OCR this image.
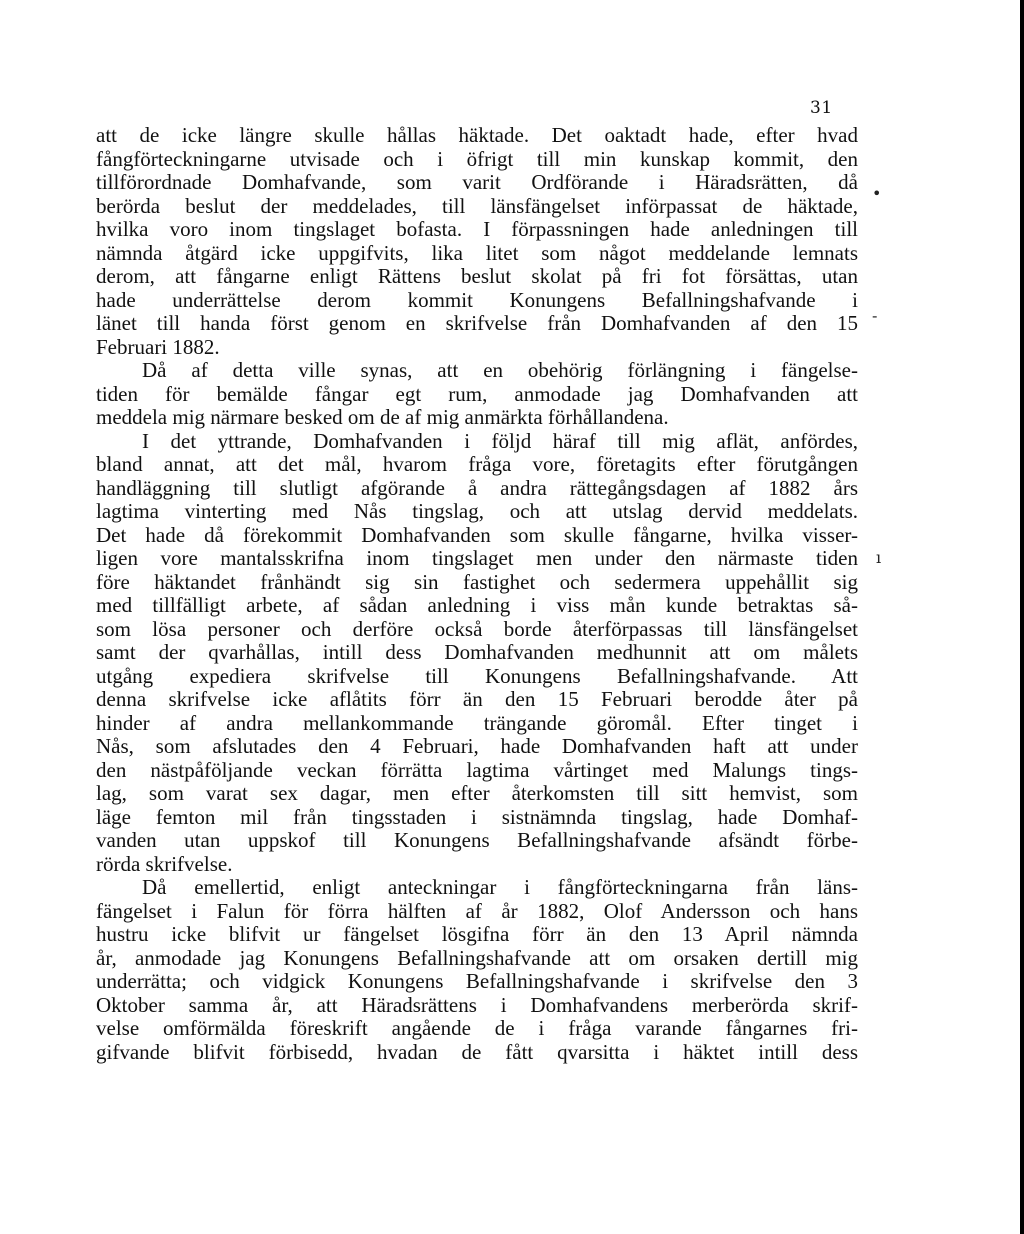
31
att de icke längre skulle hållas häktade. Det oaktadt hade, efter hvad
fångförteckningarne utvisade och i öfrigt till min kunskap kommit, den
tillförordnade Domhafvande, som varit Ordförande i Häradsrätten, då
berörda beslut der meddelades, till länsfängelset införpassat de häktade,
hvilka voro inom tingslaget bofasta. I förpassningen hade anledningen till
nämnda åtgärd icke uppgifvits, lika litet som något meddelande lemnats
derom, att fångarne enligt Rättens beslut skolat på fri fot försättas, utan
hade underrättelse derom kommit Konungens Befallningshafvande i
länet till handa först genom en skrifvelse från Domhafvanden af den 15
Februari 1882.
Då af detta ville synas, att en obehörig förlängning i fängelse-
tiden för bemälde fångar egt rum, anmodade jag Domhafvanden att
meddela mig närmare besked om de af mig anmärkta förhållandena.
I det yttrande, Domhafvanden i följd häraf till mig aflät, anfördes,
bland annat, att det mål, hvarom fråga vore, företagits efter förutgången
handläggning till slutligt afgörande å andra rättegångsdagen af 1882 års
lagtima vinterting med Nås tingslag, och att utslag dervid meddelats.
Det hade då förekommit Domhafvanden som skulle fångarne, hvilka visser-
ligen vore mantalsskrifna inom tingslaget men under den närmaste tiden
före häktandet frånhändt sig sin fastighet och sedermera uppehållit sig
med tillfälligt arbete, af sådan anledning i viss mån kunde betraktas så-
som lösa personer och derföre också borde återförpassas till länsfängelset
samt der qvarhållas, intill dess Domhafvanden medhunnit att om målets
utgång expediera skrifvelse till Konungens Befallningshafvande. Att
denna skrifvelse icke aflåtits förr än den 15 Februari berodde åter på
hinder af andra mellankommande trängande göromål. Efter tinget i
Nås, som afslutades den 4 Februari, hade Domhafvanden haft att under
den nästpåföljande veckan förrätta lagtima vårtinget med Malungs tings-
lag, som varat sex dagar, men efter återkomsten till sitt hemvist, som
läge femton mil från tingsstaden i sistnämnda tingslag, hade Domhaf-
vanden utan uppskof till Konungens Befallningshafvande afsändt förbe-
rörda skrifvelse.
Då emellertid, enligt anteckningar i fångförteckningarna från läns-
fängelset i Falun för förra hälften af år 1882, Olof Andersson och hans
hustru icke blifvit ur fängelset lösgifna förr än den 13 April nämnda
år, anmodade jag Konungens Befallningshafvande att om orsaken dertill mig
underrätta; och vidgick Konungens Befallningshafvande i skrifvelse den 3
Oktober samma år, att Häradsrättens i Domhafvandens merberörda skrif-
velse omförmälda föreskrift angående de i fråga varande fångarnes fri-
gifvande blifvit förbisedd, hvadan de fått qvarsitta i häktet intill dess
•
-
ı
